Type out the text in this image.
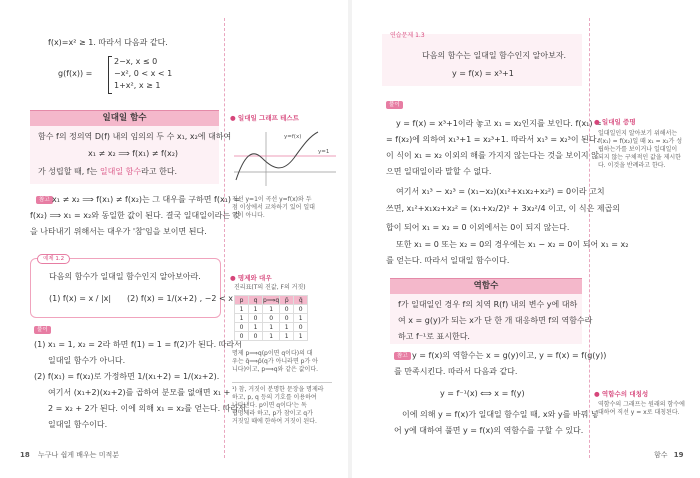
f(x)=x² ≥ 1. 따라서 다음과 같다.
g(f(x)) =
2−x, x ≤ 0
−x², 0 < x < 1
1+x², x ≥ 1
일대일 함수
함수 f의 정의역 D(f) 내의 임의의 두 수 x₁, x₂에 대하여
x₁ ≠ x₂ ⟹ f(x₁) ≠ f(x₂)
가 성립할 때, f는 일대일 함수라고 한다.
참고 x₁ ≠ x₂ ⟹ f(x₁) ≠ f(x₂)는 그 대우를 구하면 f(x₁) =
f(x₂) ⟹ x₁ = x₂와 동일한 값이 된다. 결국 일대일이라는 것
을 나타내기 위해서는 대우가 '참'임을 보이면 된다.
예제 1.2
다음의 함수가 일대일 함수인지 알아보아라.
(1) f(x) = x / |x| (2) f(x) = 1/(x+2) , −2 < x
풀이
(1) x₁ = 1, x₂ = 2라 하면 f(1) = 1 = f(2)가 된다. 따라서
일대일 함수가 아니다.
(2) f(x₁) = f(x₂)로 가정하면 1/(x₁+2) = 1/(x₂+2).
여기서 (x₁+2)(x₂+2)를 곱하여 분모를 없애면 x₁ +
2 = x₂ + 2가 된다. 이에 의해 x₁ = x₂를 얻는다. 따라서
일대일 함수이다.
18 누구나 쉽게 배우는 미적분
● 일대일 그래프 테스트
y=f(x)
y=1
직선 y=1이 곡선 y=f(x)와 두
점 이상에서 교차하기 있어 일대
일이 아니다.
● 명제와 대우
진리표(T의 진값, F의 거짓)
p	q	p⟹q	p̄	q̄
1	1	1	0	0
1	0	0	0	1
0	1	1	1	0
0	0	1	1	1
명제 p⟹q(p이면 q이다)의 대
우는 q̄⟹p̄(q가 아니라면 p가 아
니다)이고, p⟹q와 같은 값이다.
¹) 참, 거짓이 분명한 문장을 명제라
하고, p, q 등의 기호를 이용하여
나타낸다. p이면 q이다'는 독
립명제라 하고, p가 참이고 q가
거짓일 때에 한하여 거짓이 된다.
연습문제 1.3
다음의 함수는 일대일 함수인지 알아보자.
y = f(x) = x³+1
풀이
y = f(x) = x³+1이라 놓고 x₁ = x₂인지를 보인다. f(x₁) =
= f(x₂)에 의하여 x₁³+1 = x₂³+1. 따라서 x₁³ = x₂³이 된다.
이 식이 x₁ = x₂ 이외의 해를 가지지 않는다는 것을 보이지 않
으면 일대일이라 말할 수 없다.
여기서 x₁³ − x₂³ = (x₁−x₂)(x₁²+x₁x₂+x₂²) = 0이라 고치
쓰면, x₁²+x₁x₂+x₂² = (x₁+x₂/2)² + 3x₂²/4 이고, 이 식은 제곱의
합이 되어 x₁ = x₂ = 0 이외에서는 0이 되지 않는다.
또한 x₁ = 0 또는 x₂ = 0의 경우에는 x₁ − x₂ = 0이 되어 x₁ = x₂
를 얻는다. 따라서 일대일 함수이다.
역함수
f가 일대일인 경우 f의 치역 R(f) 내의 변수 y에 대하
여 x = g(y)가 되는 x가 단 한 개 대응하면 f의 역함수라
하고 f⁻¹로 표시한다.
참고 y = f(x)의 역함수는 x = g(y)이고, y = f(x) = f(g(y))
를 만족시킨다. 따라서 다음과 같다.
y = f⁻¹(x) ⟺ x = f(y)
이에 의해 y = f(x)가 일대일 함수일 때, x와 y를 바꿔 넣
어 y에 대하여 풀면 y = f(x)의 역함수를 구할 수 있다.
함수 19
● 일대일 증명
일대일인지 알아보기 위해서는
f(x₁) = f(x₂)일 때 x₁ = x₂가 성
립하는가를 보이거나 일대일이
되지 않는 구체적인 값을 제시한
다. 이것을 반례라고 한다.
● 역함수의 대칭성
역함수의 그래프는 원래의 함수에
대하여 직선 y = x로 대칭된다.
